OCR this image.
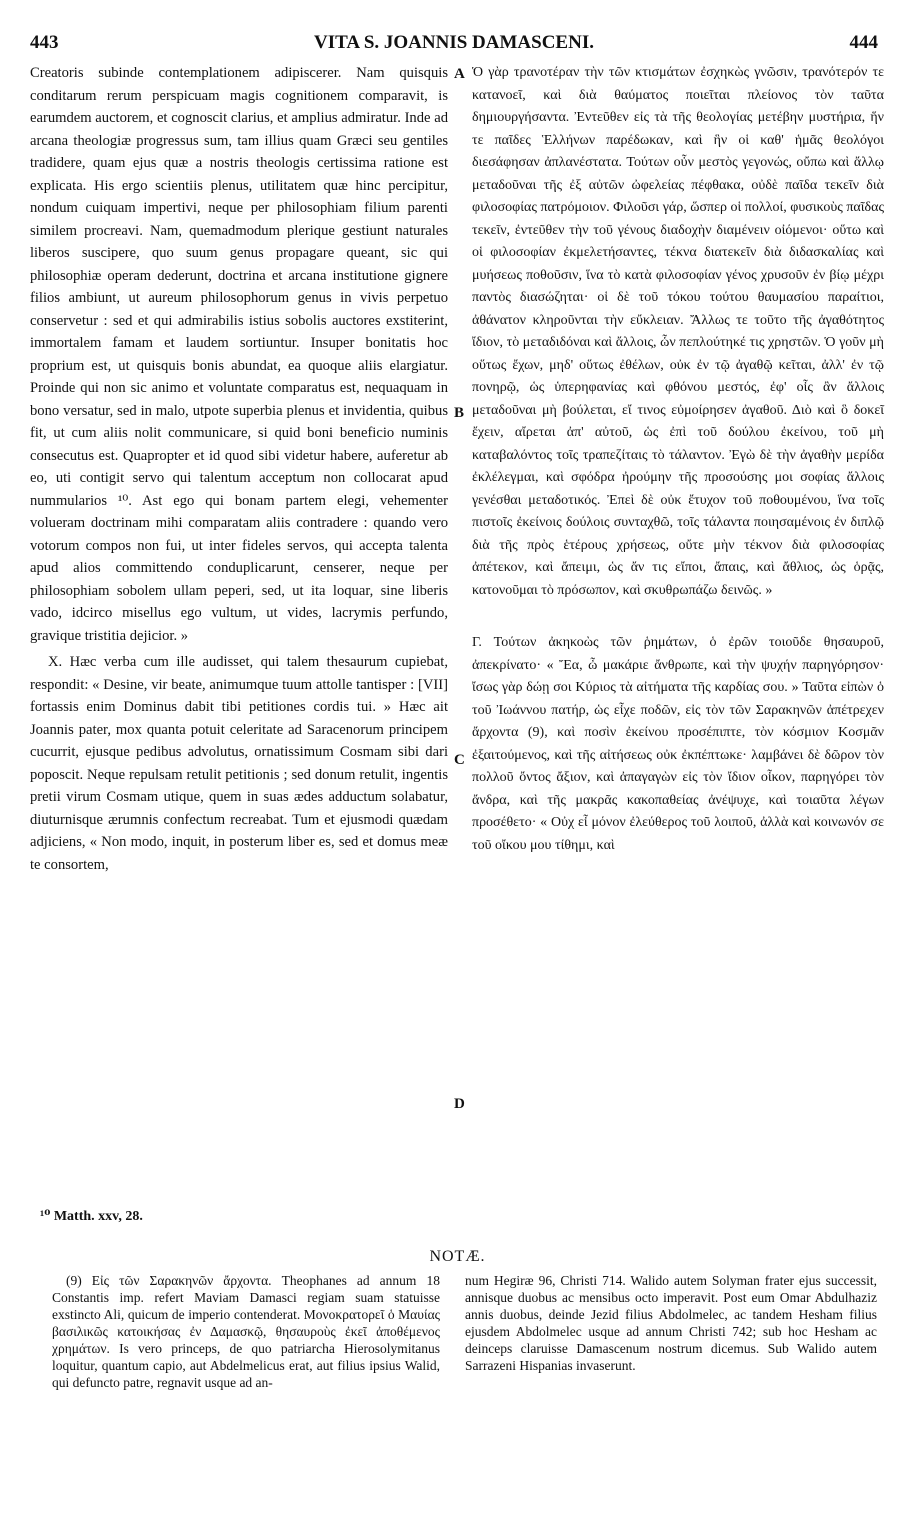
443	VITA S. JOANNIS DAMASCENI.	444

Creatoris subinde contemplationem adipiscerer. Nam quisquis conditarum rerum perspicuam magis cognitionem comparavit, is earumdem auctorem, et cognoscit clarius, et amplius admiratur. Inde ad arcana theologiæ progressus sum, tam illius quam Græci seu gentiles tradidere, quam ejus quæ a nostris theologis certissima ratione est explicata. His ergo scientiis plenus, utilitatem quæ hinc percipitur, nondum cuiquam impertivi, neque per philosophiam filium parenti similem procreavi. Nam, quemadmodum plerique gestiunt naturales liberos suscipere, quo suum genus propagare queant, sic qui philosophiæ operam dederunt, doctrina et arcana institutione gignere filios ambiunt, ut aureum philosophorum genus in vivis perpetuo conservetur : sed et qui admirabilis istius sobolis auctores exstiterint, immortalem famam et laudem sortiuntur. Insuper bonitatis hoc proprium est, ut quisquis bonis abundat, ea quoque aliis elargiatur. Proinde qui non sic animo et voluntate comparatus est, nequaquam in bono versatur, sed in malo, utpote superbia plenus et invidentia, quibus fit, ut cum aliis nolit communicare, si quid boni beneficio numinis consecutus est. Quapropter et id quod sibi videtur habere, auferetur ab eo, uti contigit servo qui talentum acceptum non collocarat apud nummularios ¹⁰. Ast ego qui bonam partem elegi, vehementer volueram doctrinam mihi comparatam aliis contradere : quando vero votorum compos non fui, ut inter fideles servos, qui accepta talenta apud alios committendo conduplicarunt, censerer, neque per philosophiam sobolem ullam peperi, sed, ut ita loquar, sine liberis vado, idcirco misellus ego vultum, ut vides, lacrymis perfundo, gravique tristitia dejicior. »

X. Hæc verba cum ille audisset, qui talem thesaurum cupiebat, respondit: « Desine, vir beate, animumque tuum attolle tantisper : [VII] fortassis enim Dominus dabit tibi petitiones cordis tui. » Hæc ait Joannis pater, mox quanta potuit celeritate ad Saracenorum principem cucurrit, ejusque pedibus advolutus, ornatissimum Cosmam sibi dari poposcit. Neque repulsam retulit petitionis ; sed donum retulit, ingentis pretii virum Cosmam utique, quem in suas ædes adductum solabatur, diuturnisque ærumnis confectum recreabat. Tum et ejusmodi quædam adjiciens, « Non modo, inquit, in posterum liber es, sed et domus meæ te consortem,

A
B
C
D

Ὁ γὰρ τρανοτέραν τὴν τῶν κτισμάτων ἐσχηκὼς γνῶσιν, τρανότερόν τε κατανοεῖ, καὶ διὰ θαύματος ποιεῖται πλείονος τὸν ταῦτα δημιουργήσαντα. Ἐντεῦθεν εἰς τὰ τῆς θεολογίας μετέβην μυστήρια, ἥν τε παῖδες Ἑλλήνων παρέδωκαν, καὶ ἣν οἱ καθ' ἡμᾶς θεολόγοι διεσάφησαν ἀπλανέστατα. Τούτων οὖν μεστὸς γεγονώς, οὔπω καὶ ἄλλῳ μεταδοῦναι τῆς ἐξ αὐτῶν ὠφελείας πέφθακα, οὐδὲ παῖδα τεκεῖν διὰ φιλοσοφίας πατρόμοιον. Φιλοῦσι γάρ, ὥσπερ οἱ πολλοί, φυσικοὺς παῖδας τεκεῖν, ἐντεῦθεν τὴν τοῦ γένους διαδοχὴν διαμένειν οἰόμενοι· οὕτω καὶ οἱ φιλοσοφίαν ἐκμελετήσαντες, τέκνα διατεκεῖν διὰ διδασκαλίας καὶ μυήσεως ποθοῦσιν, ἵνα τὸ κατὰ φιλοσοφίαν γένος χρυσοῦν ἐν βίῳ μέχρι παντὸς διασώζηται· οἱ δὲ τοῦ τόκου τούτου θαυμασίου παραίτιοι, ἀθάνατον κληροῦνται τὴν εὔκλειαν. Ἄλλως τε τοῦτο τῆς ἀγαθότητος ἴδιον, τὸ μεταδιδόναι καὶ ἄλλοις, ὧν πεπλούτηκέ τις χρηστῶν. Ὁ γοῦν μὴ οὕτως ἔχων, μηδ' οὕτως ἐθέλων, οὐκ ἐν τῷ ἀγαθῷ κεῖται, ἀλλ' ἐν τῷ πονηρῷ, ὡς ὑπερηφανίας καὶ φθόνου μεστός, ἐφ' οἷς ἂν ἄλλοις μεταδοῦναι μὴ βούλεται, εἴ τινος εὐμοίρησεν ἀγαθοῦ. Διὸ καὶ ὃ δοκεῖ ἔχειν, αἴρεται ἀπ' αὐτοῦ, ὡς ἐπὶ τοῦ δούλου ἐκείνου, τοῦ μὴ καταβαλόντος τοῖς τραπεζίταις τὸ τάλαντον. Ἐγὼ δὲ τὴν ἀγαθὴν μερίδα ἐκλέλεγμαι, καὶ σφόδρα ἠρούμην τῆς προσούσης μοι σοφίας ἄλλοις γενέσθαι μεταδοτικός. Ἐπεὶ δὲ οὐκ ἔτυχον τοῦ ποθουμένου, ἵνα τοῖς πιστοῖς ἐκείνοις δούλοις συνταχθῶ, τοῖς τάλαντα ποιησαμένοις ἐν διπλῷ διὰ τῆς πρὸς ἑτέρους χρήσεως, οὔτε μὴν τέκνον διὰ φιλοσοφίας ἀπέτεκον, καὶ ἄπειμι, ὡς ἄν τις εἴποι, ἄπαις, καὶ ἄθλιος, ὡς ὁρᾷς, κατονοῦμαι τὸ πρόσωπον, καὶ σκυθρωπάζω δεινῶς. »

Γ. Τούτων ἀκηκοὼς τῶν ῥημάτων, ὁ ἐρῶν τοιοῦδε θησαυροῦ, ἀπεκρίνατο· « Ἔα, ὦ μακάριε ἄνθρωπε, καὶ τὴν ψυχήν παρηγόρησον· ἴσως γὰρ δώῃ σοι Κύριος τὰ αἰτήματα τῆς καρδίας σου. » Ταῦτα εἰπὼν ὁ τοῦ Ἰωάννου πατήρ, ὡς εἶχε ποδῶν, εἰς τὸν τῶν Σαρακηνῶν ἀπέτρεχεν ἄρχοντα (9), καὶ ποσὶν ἐκείνου προσέπιπτε, τὸν κόσμιον Κοσμᾶν ἐξαιτούμενος, καὶ τῆς αἰτήσεως οὐκ ἐκπέπτωκε· λαμβάνει δὲ δῶρον τὸν πολλοῦ ὄντος ἄξιον, καὶ ἀπαγαγὼν εἰς τὸν ἴδιον οἶκον, παρηγόρει τὸν ἄνδρα, καὶ τῆς μακρᾶς κακοπαθείας ἀνέψυχε, καὶ τοιαῦτα λέγων προσέθετο· « Οὐχ εἶ μόνον ἐλεύθερος τοῦ λοιποῦ, ἀλλὰ καὶ κοινωνόν σε τοῦ οἴκου μου τίθημι, καὶ

¹⁰ Matth. xxv, 28.
NOTÆ.

(9) Εἰς τῶν Σαρακηνῶν ἄρχοντα. Theophanes ad annum 18 Constantis imp. refert Maviam Damasci regiam suam statuisse exstincto Ali, quicum de imperio contenderat. Μονοκρατορεῖ ὁ Μαυίας βασιλικῶς κατοικήσας ἐν Δαμασκῷ, θησαυροὺς ἐκεῖ ἀποθέμενος χρημάτων. Is vero princeps, de quo patriarcha Hierosolymitanus loquitur, quantum capio, aut Abdelmelicus erat, aut filius ipsius Walid, qui defuncto patre, regnavit usque ad an-

num Hegiræ 96, Christi 714. Walido autem Solyman frater ejus successit, annisque duobus ac mensibus octo imperavit. Post eum Omar Abdulhaziz annis duobus, deinde Jezid filius Abdolmelec, ac tandem Hesham filius ejusdem Abdolmelec usque ad annum Christi 742; sub hoc Hesham ac deinceps claruisse Damascenum nostrum dicemus. Sub Walido autem Sarrazeni Hispanias invaserunt.
